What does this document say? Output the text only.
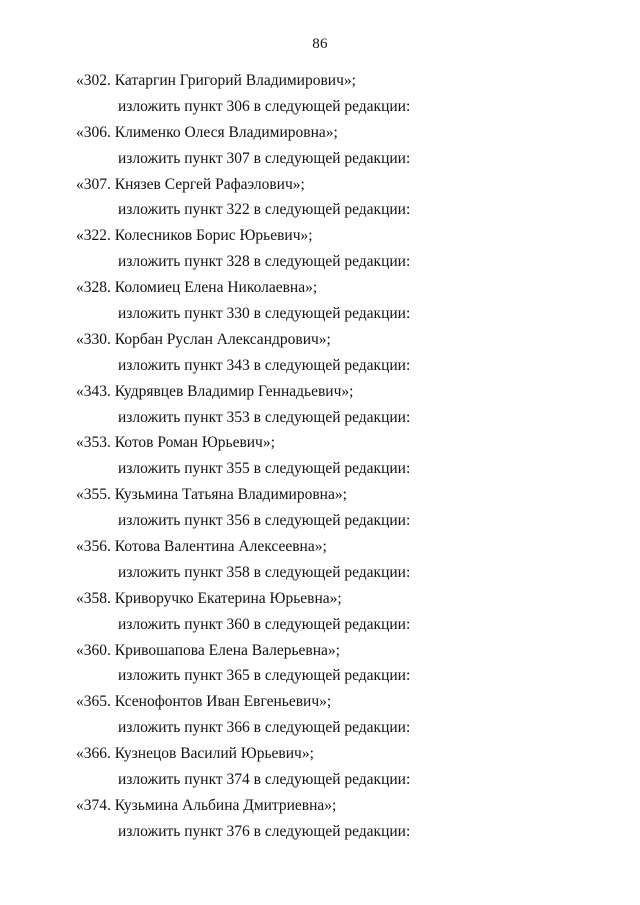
86
«302. Катаргин Григорий Владимирович»;
изложить пункт 306 в следующей редакции:
«306. Клименко Олеся Владимировна»;
изложить пункт 307 в следующей редакции:
«307. Князев Сергей Рафаэлович»;
изложить пункт 322 в следующей редакции:
«322. Колесников Борис Юрьевич»;
изложить пункт 328 в следующей редакции:
«328. Коломиец Елена Николаевна»;
изложить пункт 330 в следующей редакции:
«330. Корбан Руслан Александрович»;
изложить пункт 343 в следующей редакции:
«343. Кудрявцев Владимир Геннадьевич»;
изложить пункт 353 в следующей редакции:
«353. Котов Роман Юрьевич»;
изложить пункт 355 в следующей редакции:
«355. Кузьмина Татьяна Владимировна»;
изложить пункт 356 в следующей редакции:
«356. Котова Валентина Алексеевна»;
изложить пункт 358 в следующей редакции:
«358. Криворучко Екатерина Юрьевна»;
изложить пункт 360 в следующей редакции:
«360. Кривошапова Елена Валерьевна»;
изложить пункт 365 в следующей редакции:
«365. Ксенофонтов Иван Евгеньевич»;
изложить пункт 366 в следующей редакции:
«366. Кузнецов Василий Юрьевич»;
изложить пункт 374 в следующей редакции:
«374. Кузьмина Альбина Дмитриевна»;
изложить пункт 376 в следующей редакции:
